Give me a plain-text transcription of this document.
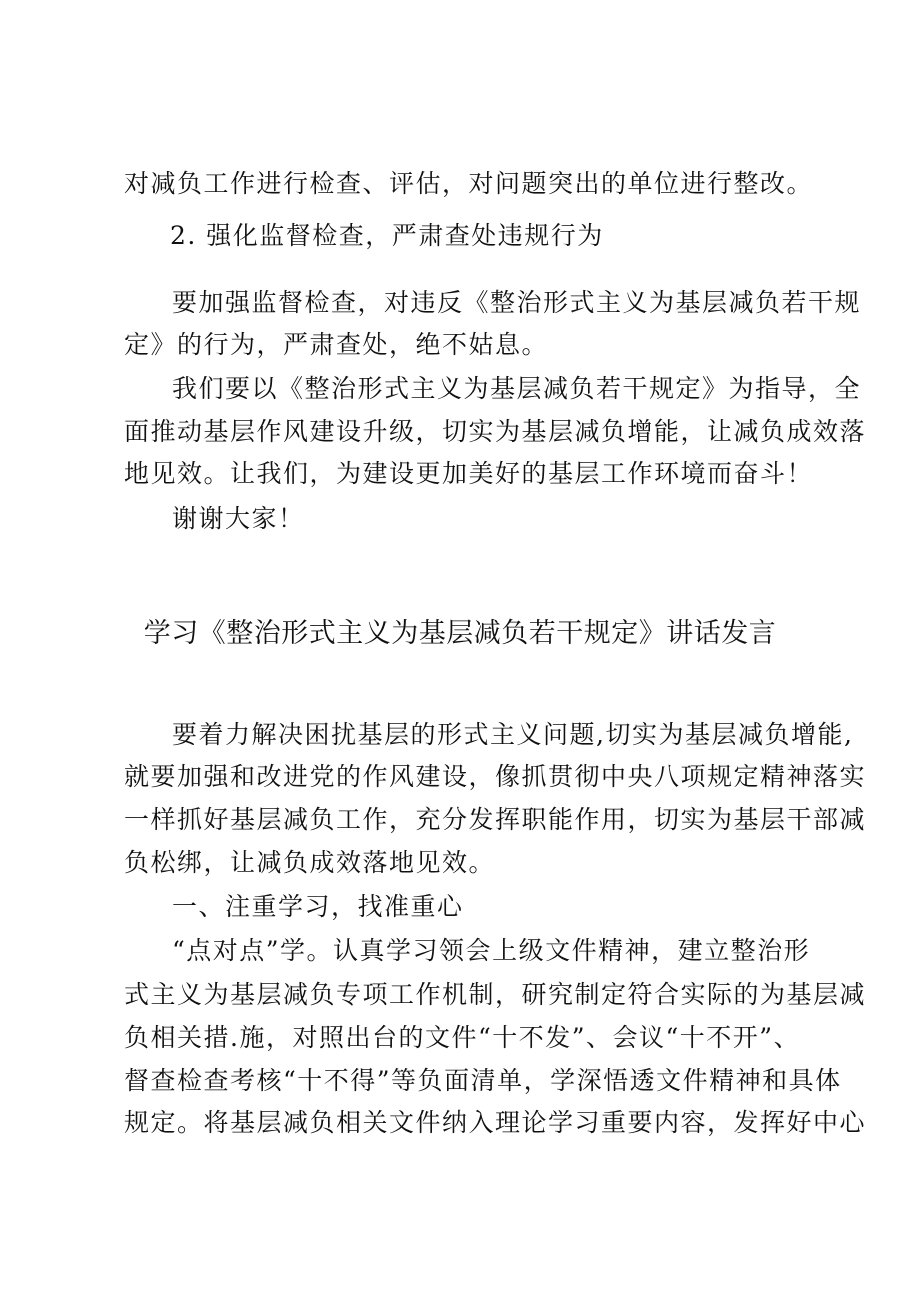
对减负工作进行检查、评估，对问题突出的单位进行整改。
2. 强化监督检查，严肃查处违规行为
要加强监督检查，对违反《整治形式主义为基层减负若干规
定》的行为，严肃查处，绝不姑息。
我们要以《整治形式主义为基层减负若干规定》为指导，全
面推动基层作风建设升级，切实为基层减负增能，让减负成效落
地见效。让我们，为建设更加美好的基层工作环境而奋斗！
谢谢大家！
学习《整治形式主义为基层减负若干规定》讲话发言
要着力解决困扰基层的形式主义问题,切实为基层减负增能,
就要加强和改进党的作风建设，像抓贯彻中央八项规定精神落实
一样抓好基层减负工作，充分发挥职能作用，切实为基层干部减
负松绑，让减负成效落地见效。
一、注重学习，找准重心
“点对点”学。认真学习领会上级文件精神，建立整治形
式主义为基层减负专项工作机制，研究制定符合实际的为基层减
负相关措.施，对照出台的文件“十不发”、会议“十不开”、
督查检查考核“十不得”等负面清单，学深悟透文件精神和具体
规定。将基层减负相关文件纳入理论学习重要内容，发挥好中心
